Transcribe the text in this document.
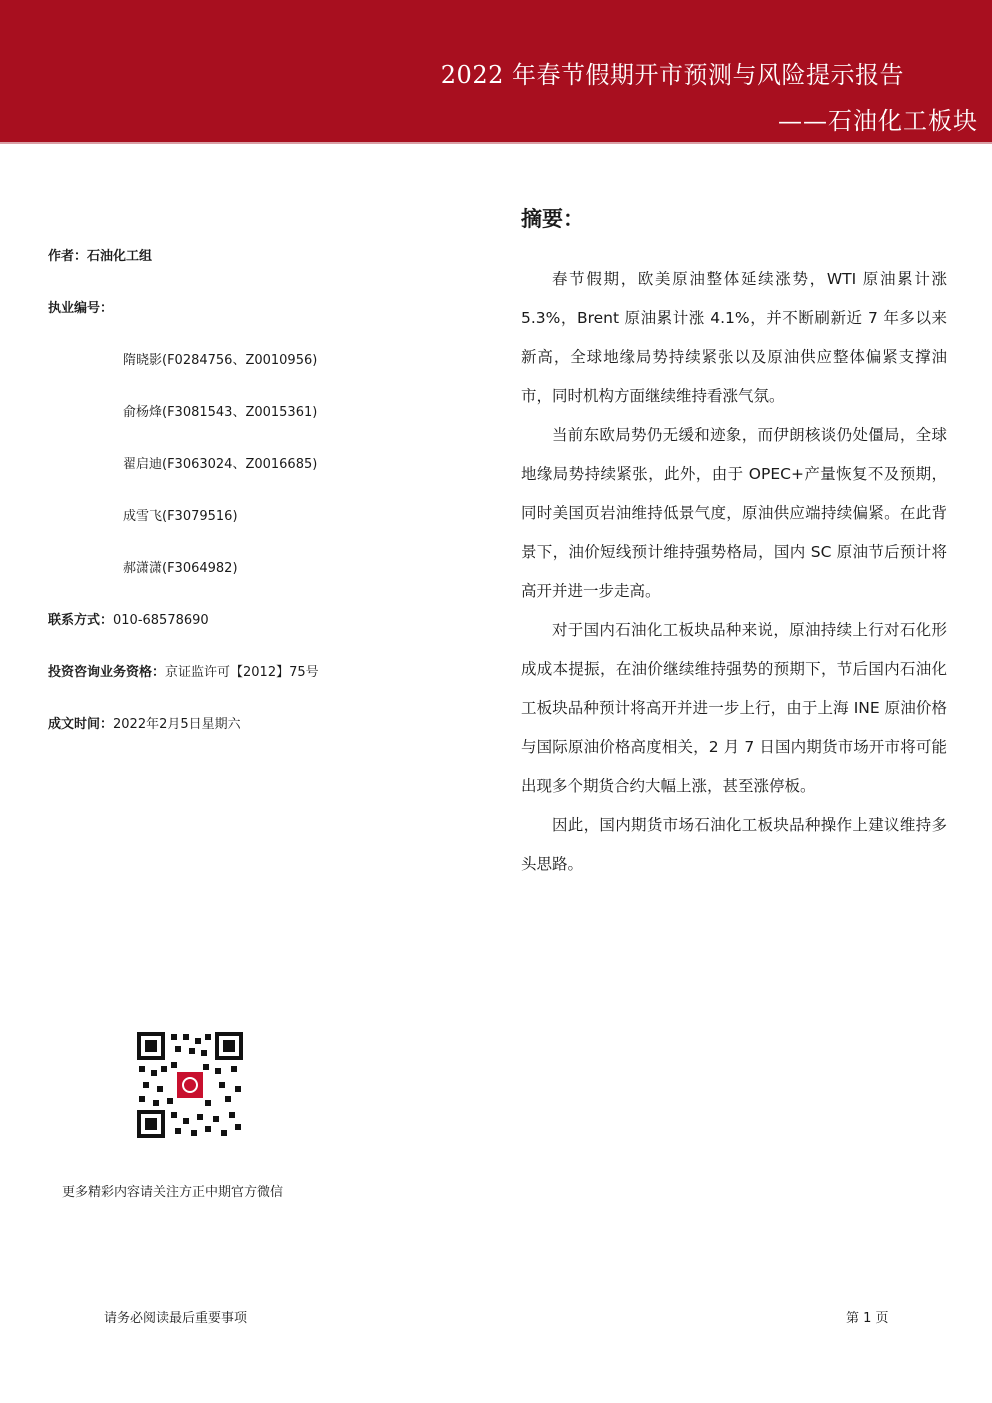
2022 年春节假期开市预测与风险提示报告
——石油化工板块
作者：石油化工组
执业编号：
隋晓影(F0284756、Z0010956)
俞杨烽(F3081543、Z0015361)
翟启迪(F3063024、Z0016685)
成雪飞(F3079516)
郝潇潇(F3064982)
联系方式：010-68578690
投资咨询业务资格：京证监许可【2012】75号
成文时间：2022年2月5日星期六
摘要：

春节假期，欧美原油整体延续涨势，WTI 原油累计涨 5.3%，Brent 原油累计涨 4.1%，并不断刷新近 7 年多以来新高，全球地缘局势持续紧张以及原油供应整体偏紧支撑油市，同时机构方面继续维持看涨气氛。

当前东欧局势仍无缓和迹象，而伊朗核谈仍处僵局，全球地缘局势持续紧张，此外，由于 OPEC+产量恢复不及预期，同时美国页岩油维持低景气度，原油供应端持续偏紧。在此背景下，油价短线预计维持强势格局，国内 SC 原油节后预计将高开并进一步走高。

对于国内石油化工板块品种来说，原油持续上行对石化形成成本提振，在油价继续维持强势的预期下，节后国内石油化工板块品种预计将高开并进一步上行，由于上海 INE 原油价格与国际原油价格高度相关，2 月 7 日国内期货市场开市将可能出现多个期货合约大幅上涨，甚至涨停板。

因此，国内期货市场石油化工板块品种操作上建议维持多头思路。

更多精彩内容请关注方正中期官方微信
请务必阅读最后重要事项	第 1 页
